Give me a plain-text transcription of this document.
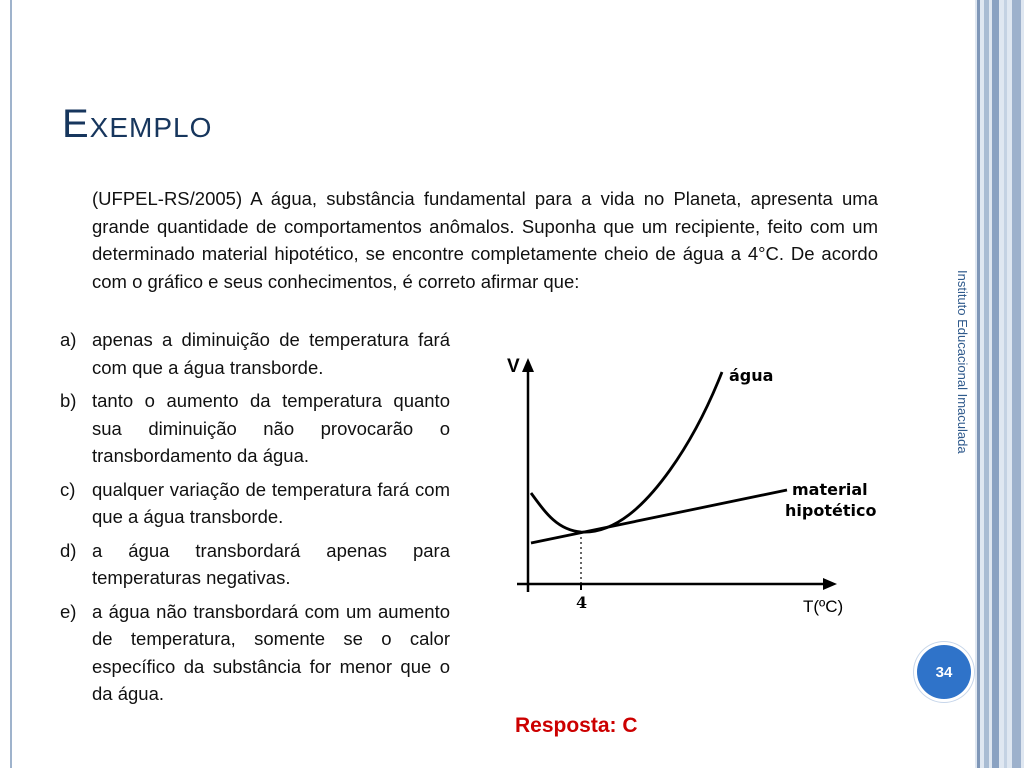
Exemplo

(UFPEL-RS/2005) A água, substância fundamental para a vida no Planeta, apresenta uma grande quantidade de comportamentos anômalos. Suponha que um recipiente, feito com um determinado material hipotético, se encontre completamente cheio de água a 4°C. De acordo com o gráfico e seus conhecimentos, é correto afirmar que:

a) apenas a diminuição de temperatura fará com que a água transborde.
b) tanto o aumento da temperatura quanto sua diminuição não provocarão o transbordamento da água.
c) qualquer variação de temperatura fará com que a água transborde.
d) a água transbordará apenas para temperaturas negativas.
e) a água não transbordará com um aumento de temperatura, somente se o calor específico da substância for menor que o da água.
V
T(ºC)
4
água
material
hipotético
Instituto Educacional Imaculada
34

Resposta: C
